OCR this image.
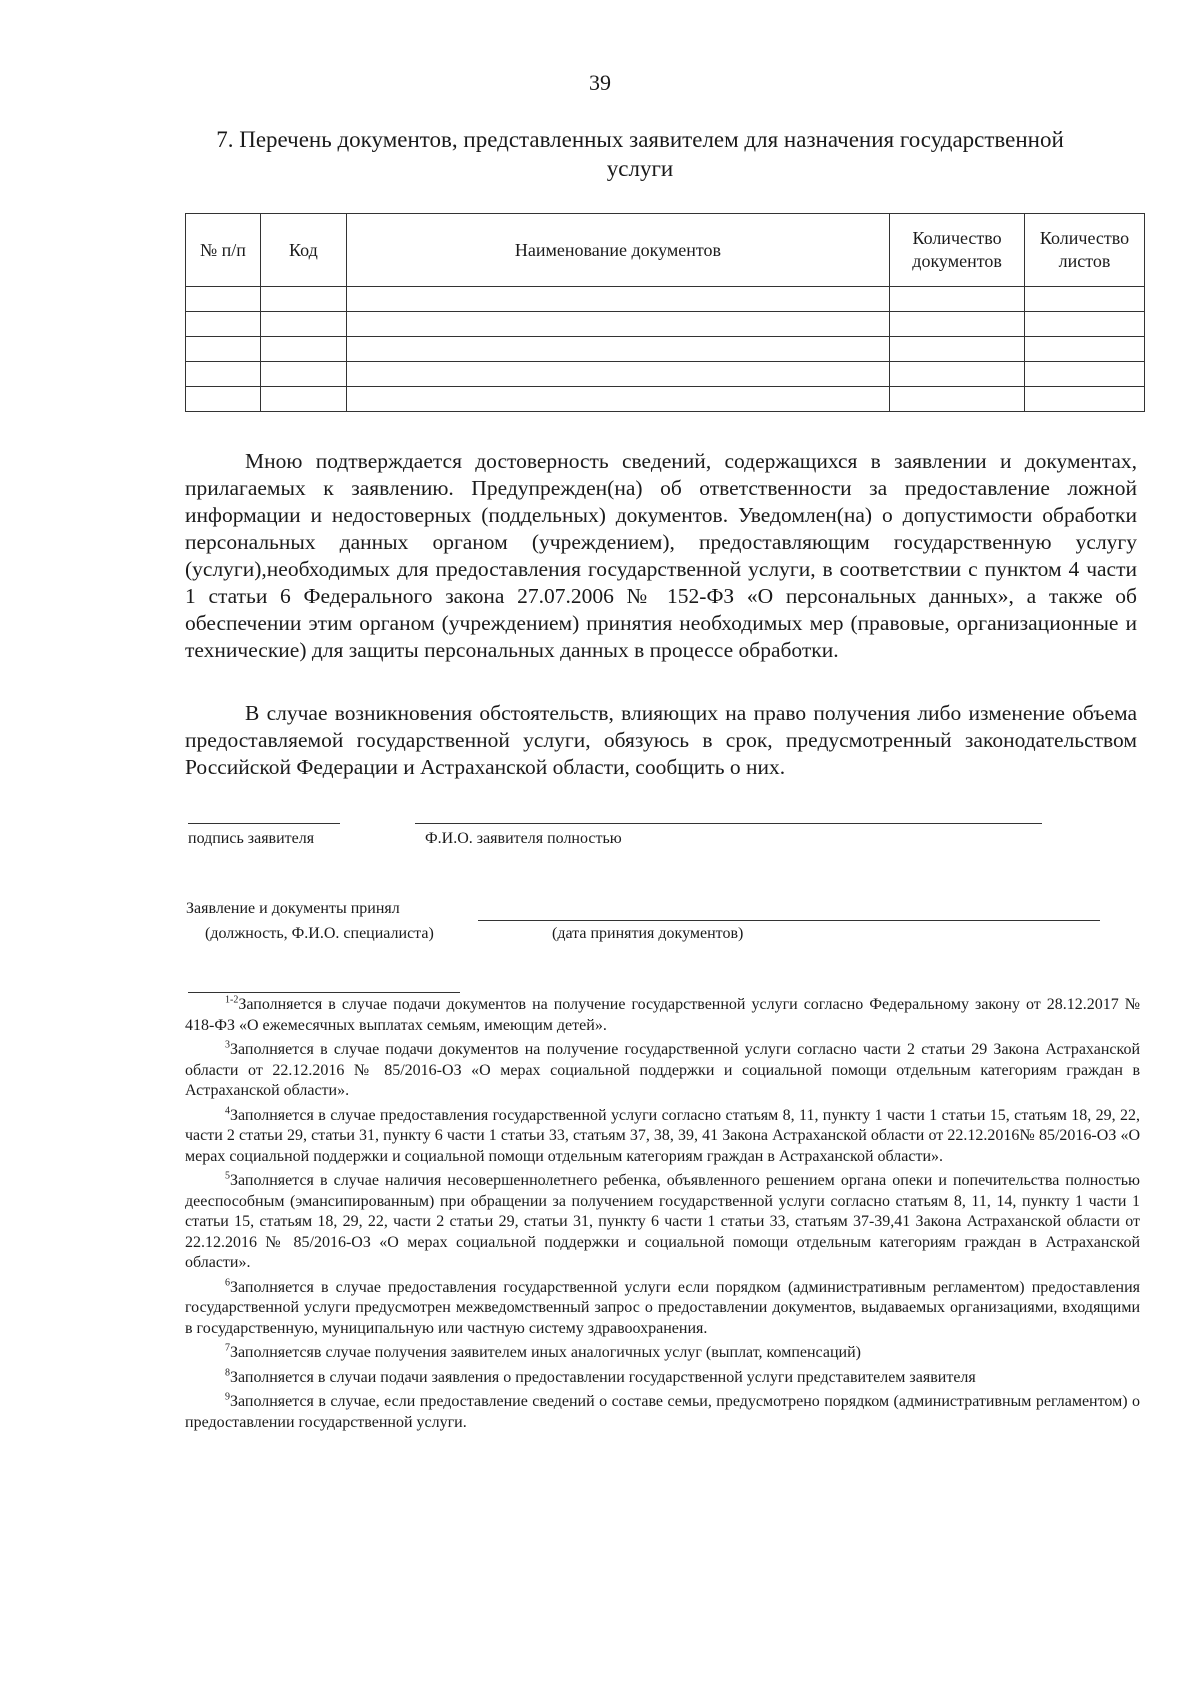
39
7. Перечень документов, представленных заявителем для назначения государственной услуги
№ п/п	Код	Наименование документов	Количество документов	Количество листов

Мною подтверждается достоверность сведений, содержащихся в заявлении и документах, прилагаемых к заявлению. Предупрежден(на) об ответственности за предоставление ложной информации и недостоверных (поддельных) документов. Уведомлен(на) о допустимости обработки персональных данных органом (учреждением), предоставляющим государственную услугу (услуги),необходимых для предоставления государственной услуги, в соответствии с пунктом 4 части 1 статьи 6 Федерального закона 27.07.2006 № 152-ФЗ «О персональных данных», а также об обеспечении этим органом (учреждением) принятия необходимых мер (правовые, организационные и технические) для защиты персональных данных в процессе обработки.

В случае возникновения обстоятельств, влияющих на право получения либо изменение объема предоставляемой государственной услуги, обязуюсь в срок, предусмотренный законодательством Российской Федерации и Астраханской области, сообщить о них.

подпись заявителя	Ф.И.О. заявителя полностью
Заявление и документы принял
(должность, Ф.И.О. специалиста)	(дата принятия документов)

$^{1-2}$Заполняется в случае подачи документов на получение государственной услуги согласно Федеральному закону от 28.12.2017 № 418-ФЗ «О ежемесячных выплатах семьям, имеющим детей».

$^3$Заполняется в случае подачи документов на получение государственной услуги согласно части 2 статьи 29 Закона Астраханской области от 22.12.2016 № 85/2016-ОЗ «О мерах социальной поддержки и социальной помощи отдельным категориям граждан в Астраханской области».

$^4$Заполняется в случае предоставления государственной услуги согласно статьям 8, 11, пункту 1 части 1 статьи 15, статьям 18, 29, 22, части 2 статьи 29, статьи 31, пункту 6 части 1 статьи 33, статьям 37, 38, 39, 41 Закона Астраханской области от 22.12.2016№ 85/2016-ОЗ «О мерах социальной поддержки и социальной помощи отдельным категориям граждан в Астраханской области».

$^5$Заполняется в случае наличия несовершеннолетнего ребенка, объявленного решением органа опеки и попечительства полностью дееспособным (эмансипированным) при обращении за получением государственной услуги согласно статьям 8, 11, 14, пункту 1 части 1 статьи 15, статьям 18, 29, 22, части 2 статьи 29, статьи 31, пункту 6 части 1 статьи 33, статьям 37-39,41 Закона Астраханской области от 22.12.2016 № 85/2016-ОЗ «О мерах социальной поддержки и социальной помощи отдельным категориям граждан в Астраханской области».

$^6$Заполняется в случае предоставления государственной услуги если порядком (административным регламентом) предоставления государственной услуги предусмотрен межведомственный запрос о предоставлении документов, выдаваемых организациями, входящими в государственную, муниципальную или частную систему здравоохранения.

$^7$Заполняетсяв случае получения заявителем иных аналогичных услуг (выплат, компенсаций)

$^8$Заполняется в случаи подачи заявления о предоставлении государственной услуги представителем заявителя

$^9$Заполняется в случае, если предоставление сведений о составе семьи, предусмотрено порядком (административным регламентом) о предоставлении государственной услуги.
